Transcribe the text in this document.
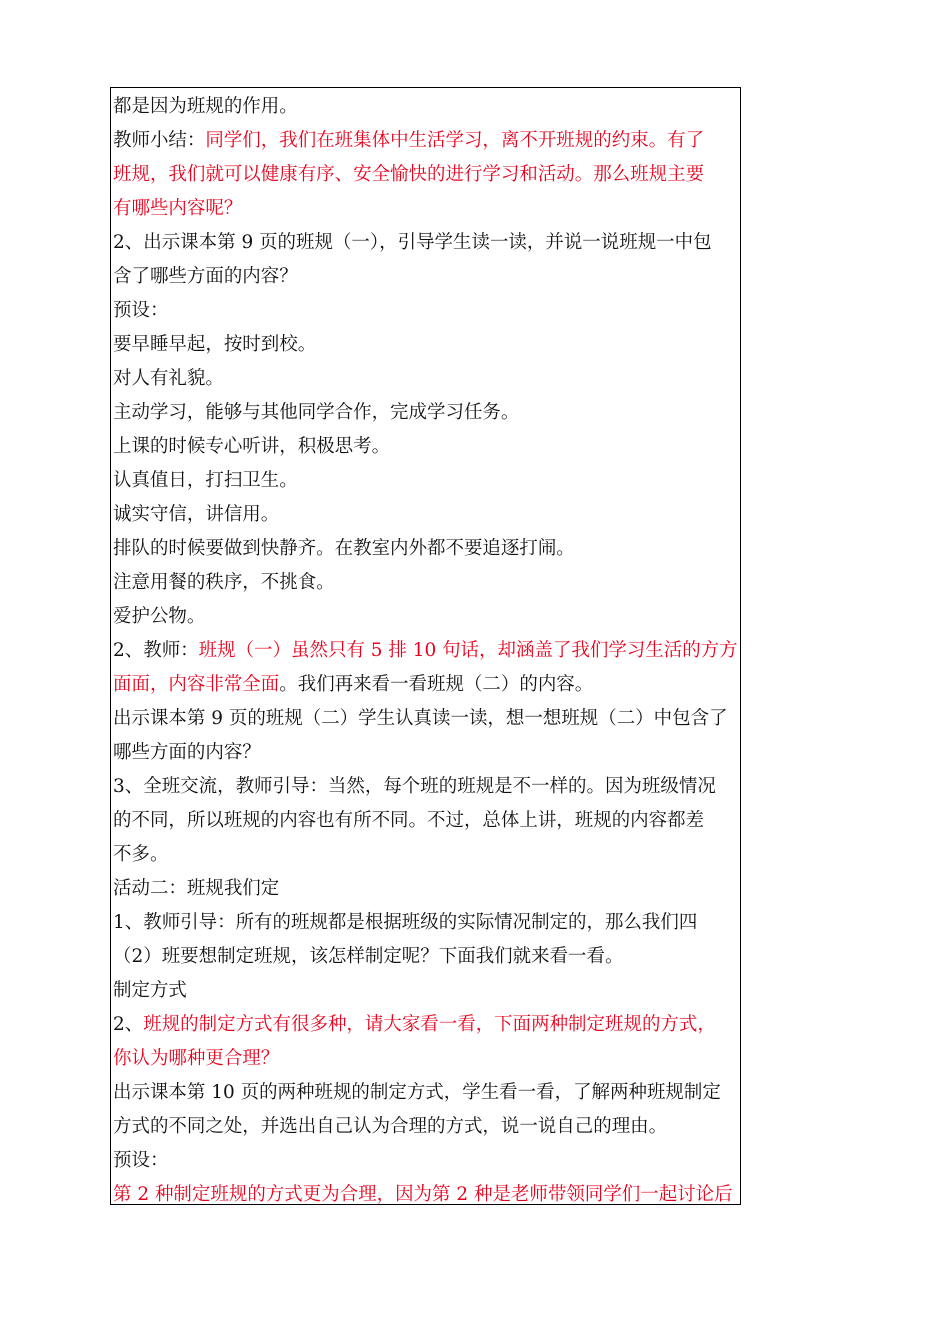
都是因为班规的作用。
教师小结：同学们，我们在班集体中生活学习，离不开班规的约束。有了
班规，我们就可以健康有序、安全愉快的进行学习和活动。那么班规主要
有哪些内容呢？
2、出示课本第 9 页的班规（一），引导学生读一读，并说一说班规一中包
含了哪些方面的内容？
预设：
要早睡早起，按时到校。
对人有礼貌。
主动学习，能够与其他同学合作，完成学习任务。
上课的时候专心听讲，积极思考。
认真值日，打扫卫生。
诚实守信，讲信用。
排队的时候要做到快静齐。在教室内外都不要追逐打闹。
注意用餐的秩序，不挑食。
爱护公物。
2、教师：班规（一）虽然只有 5 排 10 句话，却涵盖了我们学习生活的方方
面面，内容非常全面。我们再来看一看班规（二）的内容。
出示课本第 9 页的班规（二）学生认真读一读，想一想班规（二）中包含了
哪些方面的内容？
3、全班交流，教师引导：当然，每个班的班规是不一样的。因为班级情况
的不同，所以班规的内容也有所不同。不过，总体上讲，班规的内容都差
不多。
活动二：班规我们定
1、教师引导：所有的班规都是根据班级的实际情况制定的，那么我们四
（2）班要想制定班规，该怎样制定呢？下面我们就来看一看。
制定方式
2、班规的制定方式有很多种，请大家看一看，下面两种制定班规的方式，
你认为哪种更合理？
出示课本第 10 页的两种班规的制定方式，学生看一看，了解两种班规制定
方式的不同之处，并选出自己认为合理的方式，说一说自己的理由。
预设：
第 2 种制定班规的方式更为合理，因为第 2 种是老师带领同学们一起讨论后
